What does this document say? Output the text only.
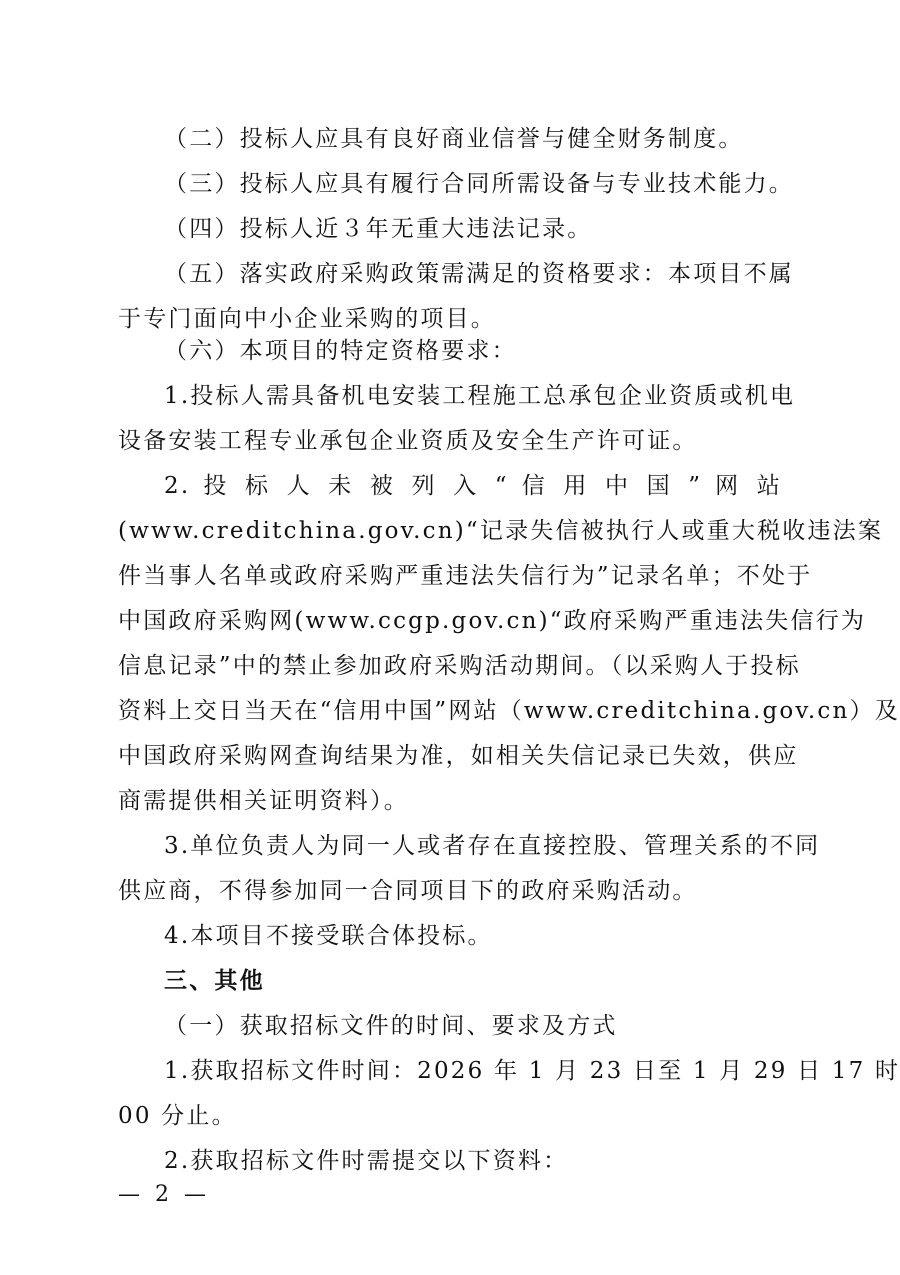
（二）投标人应具有良好商业信誉与健全财务制度。
（三）投标人应具有履行合同所需设备与专业技术能力。
（四）投标人近３年无重大违法记录。
（五）落实政府采购政策需满足的资格要求：本项目不属
于专门面向中小企业采购的项目。
（六）本项目的特定资格要求：
1.投标人需具备机电安装工程施工总承包企业资质或机电
设备安装工程专业承包企业资质及安全生产许可证。
2. 投 标 人 未 被 列 入 “ 信 用 中 国 ” 网 站
(www.creditchina.gov.cn)“记录失信被执行人或重大税收违法案
件当事人名单或政府采购严重违法失信行为”记录名单；不处于
中国政府采购网(www.ccgp.gov.cn)“政府采购严重违法失信行为
信息记录”中的禁止参加政府采购活动期间。（以采购人于投标
资料上交日当天在“信用中国”网站（www.creditchina.gov.cn）及
中国政府采购网查询结果为准，如相关失信记录已失效，供应
商需提供相关证明资料）。
3.单位负责人为同一人或者存在直接控股、管理关系的不同
供应商，不得参加同一合同项目下的政府采购活动。
4.本项目不接受联合体投标。
三、其他
（一）获取招标文件的时间、要求及方式
1.获取招标文件时间：2026 年 1 月 23 日至 1 月 29 日 17 时
00 分止。
2.获取招标文件时需提交以下资料：
— 2 —
